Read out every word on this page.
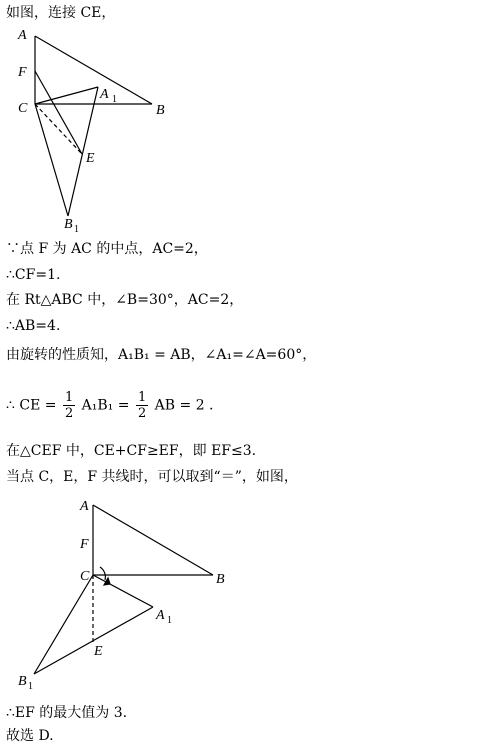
如图，连接 CE，
A
F
C
A 1
B
E
B 1
∵点 F 为 AC 的中点，AC=2，
∴CF=1.
在 Rt△ABC 中，∠B=30°，AC=2，
∴AB=4.
由旋转的性质知，A₁B₁ = AB，∠A₁=∠A=60°，
∴ CE = $\frac{1}{2} A_1B_1 = \frac{1}{2}$ AB = 2 .
在△CEF 中，CE+CF≥EF，即 EF≤3.
当点 C，E，F 共线时，可以取到“＝”，如图，
A
F
C	B
A 1
E
B 1
∴EF 的最大值为 3.
故选 D.
